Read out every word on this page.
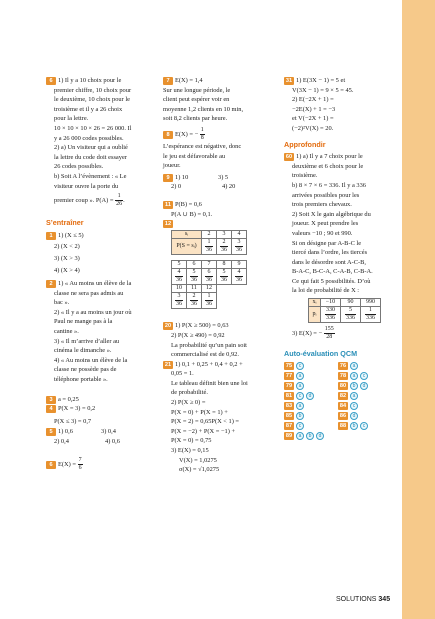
6 1) Il y a 10 choix pour le
premier chiffre, 10 choix pour
le deuxième, 10 choix pour le
troisième et il y a 26 choix
pour la lettre.
10 × 10 × 10 × 26 = 26 000. Il
y a 26 000 codes possibles.
2) a) Un visiteur qui a oublié
la lettre du code doit essayer
26 codes possibles.
b) Soit A l’évènement : « Le
visiteur ouvre la porte du
premier coup ». $P(A) = \frac{1}{26}$ .
S’entraîner
1 1) (X ≤ 5)
2) (X < 2)
3) (X > 3)
4) (X > 4)
2 1) « Au moins un élève de la
classe ne sera pas admis au
bac ».
2) « Il y a au moins un jour où
Paul ne mange pas à la
cantine ».
3) « Il m’arrive d’aller au
cinéma le dimanche ».
4) « Au moins un élève de la
classe ne possède pas de
téléphone portable ».
3 a = 0,25
4 P(X = 3) = 0,2
P(X ≤ 3) = 0,7
5 1) 0,6	3) 0,4
2) 0,4	4) 0,6
6 $E(X) = \frac{7}{6}$
7 E(X) = 1,4
Sur une longue période, le
client peut espérer voir en
moyenne 1,2 clients en 10 min,
soit 8,2 clients par heure.
8 E(X) = − $\frac{1}{8}$
L’espérance est négative, donc
le jeu est défavorable au
joueur.
9 1) 10	3) 5
2) 0	4) 20
11 P(B) = 0,6
P(A ∪ B) = 0,1.
12
sᵢ	2	3	4
P(S = sᵢ)	$\frac{1}{36}$	$\frac{2}{36}$	$\frac{3}{36}$
5	6	7	8	9

$\frac{4}{36}$	$\frac{5}{36}$	$\frac{6}{36}$	$\frac{5}{36}$	$\frac{4}{36}$

10	11	12		

$\frac{3}{36}$	$\frac{2}{36}$	$\frac{1}{36}$

20 1) P(X ≥ 500) = 0,63
2) P(X ≥ 490) = 0,92
La probabilité qu’un pain soit
commercialisé est de 0,92.
21 1) 0,1 + 0,25 + 0,4 + 0,2 +
0,05 = 1.
Le tableau définit bien une loi
de probabilité.
2) P(X ≥ 0) =
P(X = 0) + P(X = 1) +
P(X = 2) = 0,65P(X < 1) =
P(X = −2) + P(X = −1) +
P(X = 0) = 0,75
3) E(X) = 0,15
V(X) = 1,0275
σ(X) = √1,0275
31 1) E(3X − 1) = 5 et
V(3X − 1) = 9 × 5 = 45.
2) E(−2X + 1) =
−2E(X) + 1 = −3
et V(−2X + 1) =
(−2)²V(X) = 20.
Approfondir
60 1) a) Il y a 7 choix pour le
deuxième et 6 choix pour le
troisième.
b) 8 × 7 × 6 = 336. Il y a 336
arrivées possibles pour les
trois premiers chevaux.
2) Soit X le gain algébrique du
joueur. X peut prendre les
valeurs −10 ; 90 et 990.
Si on désigne par A-B-C le
tiercé dans l’ordre, les tiercés
dans le désordre sont A-C-B,
B-A-C, B-C-A, C-A-B, C-B-A.
Ce qui fait 5 possibilités. D’où
la loi de probabilité de X :
xᵢ	−10	90	990
pᵢ	$\frac{330}{336}$	$\frac{5}{336}$	$\frac{1}{336}$
3) E(X) = − $\frac{155}{28}$
Auto-évaluation QCM
75	c	76	a
77	a	78	a	c
79	a	80	b	d
81	c	d	82	a
83	a	84	c
85	b	86	d
87	c	88	b	c
89	a	b	d
SOLUTIONS 345
